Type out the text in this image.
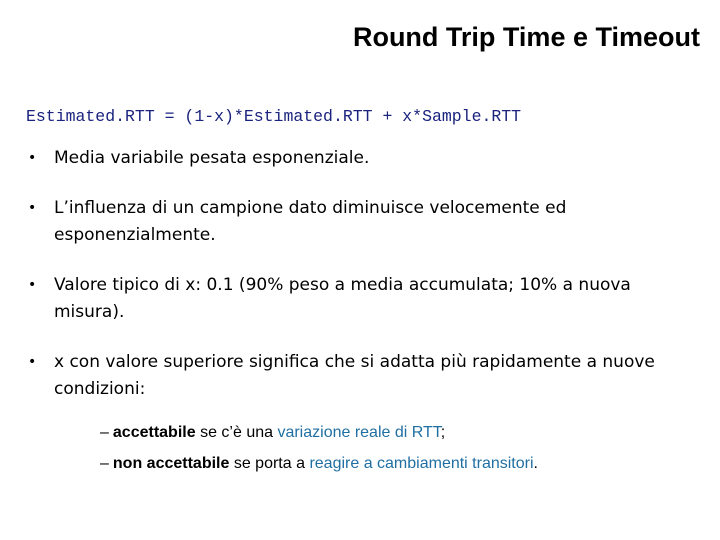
Round Trip Time e Timeout
Estimated.RTT = (1-x)*Estimated.RTT + x*Sample.RTT
• Media variabile pesata esponenziale.
• L’influenza di un campione dato diminuisce velocemente ed esponenzialmente.
• Valore tipico di x: 0.1 (90% peso a media accumulata; 10% a nuova misura).
• x con valore superiore significa che si adatta più rapidamente a nuove condizioni:
– accettabile se c’è una variazione reale di RTT;
– non accettabile se porta a reagire a cambiamenti transitori.
